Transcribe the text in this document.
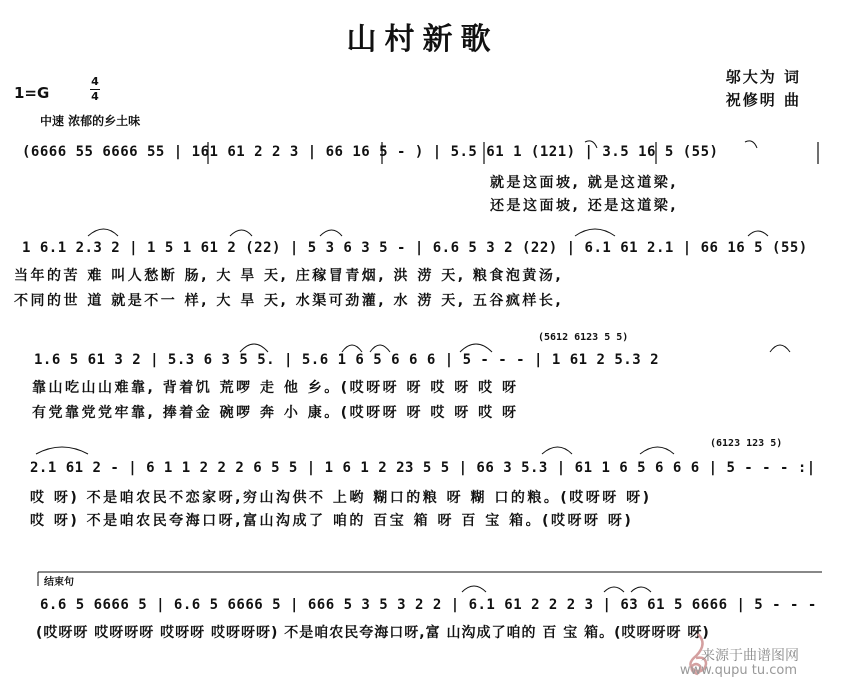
山村新歌
1=G
4
4
邬大为 词
祝修明 曲
中速 浓郁的乡土味
(6666 55 6666 55 | 161 61 2 2 3 | 66 16 5 - ) | 5.5 61 1 (121) | 3.5 16 5 (55)
就是这面坡, 就是这道梁,
还是这面坡, 还是这道梁,
1 6.1 2.3 2 | 1 5 1 61 2 (22) | 5 3 6 3 5 - | 6.6 5 3 2 (22) | 6.1 61 2.1 | 66 16 5 (55)
当年的苦 难 叫人愁断 肠, 大 旱 天, 庄稼冒青烟, 洪 涝 天, 粮食泡黄汤,
不同的世 道 就是不一 样, 大 旱 天, 水渠可劲灌, 水 涝 天, 五谷疯样长,
(5612 6123 5 5)
1.6 5 61 3 2 | 5.3 6 3 5 5. | 5.6 1 6 5 6 6 6 | 5 - - - | 1 61 2 5.3 2
靠山吃山山难靠, 背着饥 荒啰 走 他 乡。(哎呀呀 呀 哎 呀 哎 呀
有党靠党党牢靠, 捧着金 碗啰 奔 小 康。(哎呀呀 呀 哎 呀 哎 呀
(6123 123 5)
2.1 61 2 - | 6 1 1 2 2 2 6 5 5 | 1 6 1 2 23 5 5 | 66 3 5.3 | 61 1 6 5 6 6 6 | 5 - - - :|
哎 呀) 不是咱农民不恋家呀,穷山沟供不 上哟 糊口的粮 呀 糊 口的粮。(哎呀呀 呀)
哎 呀) 不是咱农民夸海口呀,富山沟成了 咱的 百宝 箱 呀 百 宝 箱。(哎呀呀 呀)
结束句
6.6 5 6666 5 | 6.6 5 6666 5 | 666 5 3 5 3 2 2 | 6.1 61 2 2 2 3 | 63 61 5 6666 | 5 - - -
(哎呀呀 哎呀呀呀 哎呀呀 哎呀呀呀) 不是咱农民夸海口呀,富 山沟成了咱的 百 宝 箱。(哎呀呀呀 呀)
来源于曲谱图网
www.qupu tu.com
